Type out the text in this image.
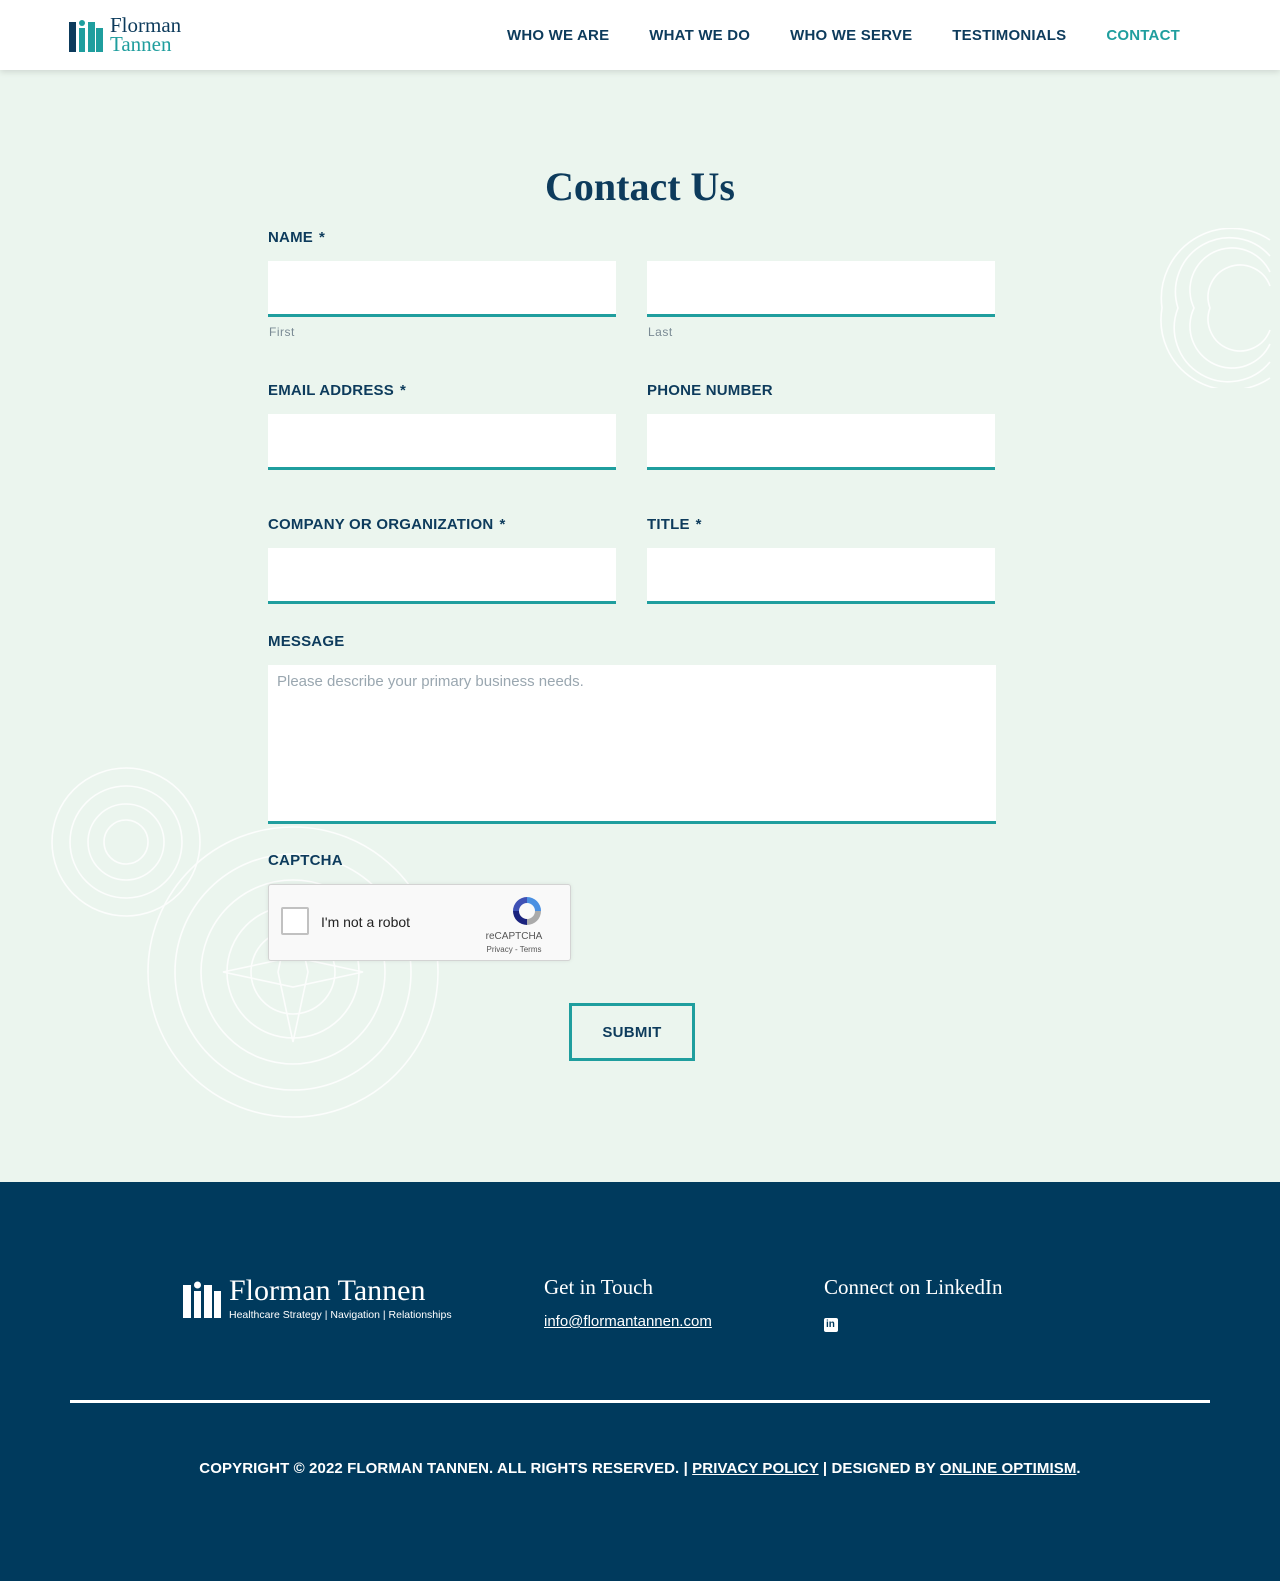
Florman
Tannen	WHO WE ARE	WHAT WE DO	WHO WE SERVE	TESTIMONIALS	CONTACT
Contact Us
NAME *
First	Last
EMAIL ADDRESS *	PHONE NUMBER
COMPANY OR ORGANIZATION *	TITLE *
MESSAGE
Please describe your primary business needs.
CAPTCHA
I'm not a robot
reCAPTCHA
Privacy - Terms
SUBMIT
Florman Tannen
Healthcare Strategy | Navigation | Relationships
Get in Touch
info@flormantannen.com
Connect on LinkedIn
in
COPYRIGHT © 2022 FLORMAN TANNEN. ALL RIGHTS RESERVED. | PRIVACY POLICY | DESIGNED BY ONLINE OPTIMISM.
